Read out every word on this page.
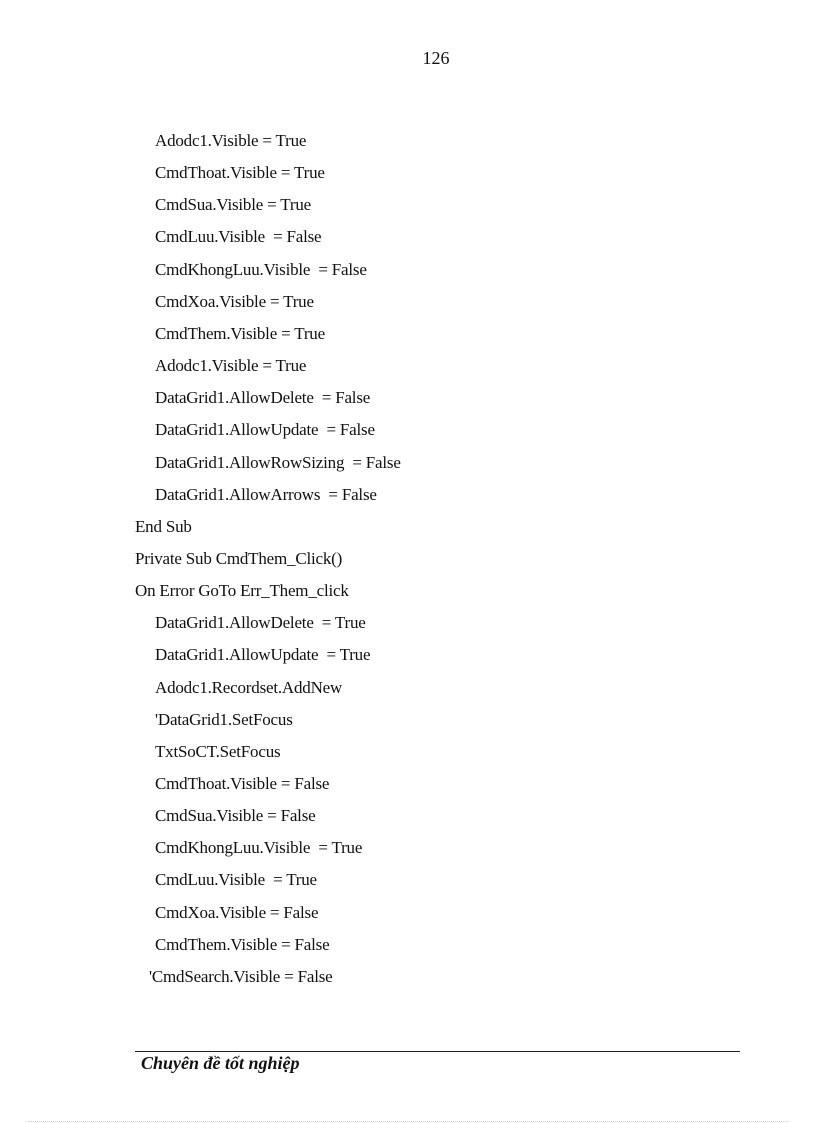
126
Adodc1.Visible = True
CmdThoat.Visible = True
CmdSua.Visible = True
CmdLuu.Visible  = False
CmdKhongLuu.Visible  = False
CmdXoa.Visible = True
CmdThem.Visible = True
Adodc1.Visible = True
DataGrid1.AllowDelete  = False
DataGrid1.AllowUpdate  = False
DataGrid1.AllowRowSizing  = False
DataGrid1.AllowArrows  = False
End Sub
Private Sub CmdThem_Click()
On Error GoTo Err_Them_click
DataGrid1.AllowDelete  = True
DataGrid1.AllowUpdate  = True
Adodc1.Recordset.AddNew
'DataGrid1.SetFocus
TxtSoCT.SetFocus
CmdThoat.Visible = False
CmdSua.Visible = False
CmdKhongLuu.Visible  = True
CmdLuu.Visible  = True
CmdXoa.Visible = False
CmdThem.Visible = False
'CmdSearch.Visible = False
Chuyên đề tốt nghiệp
